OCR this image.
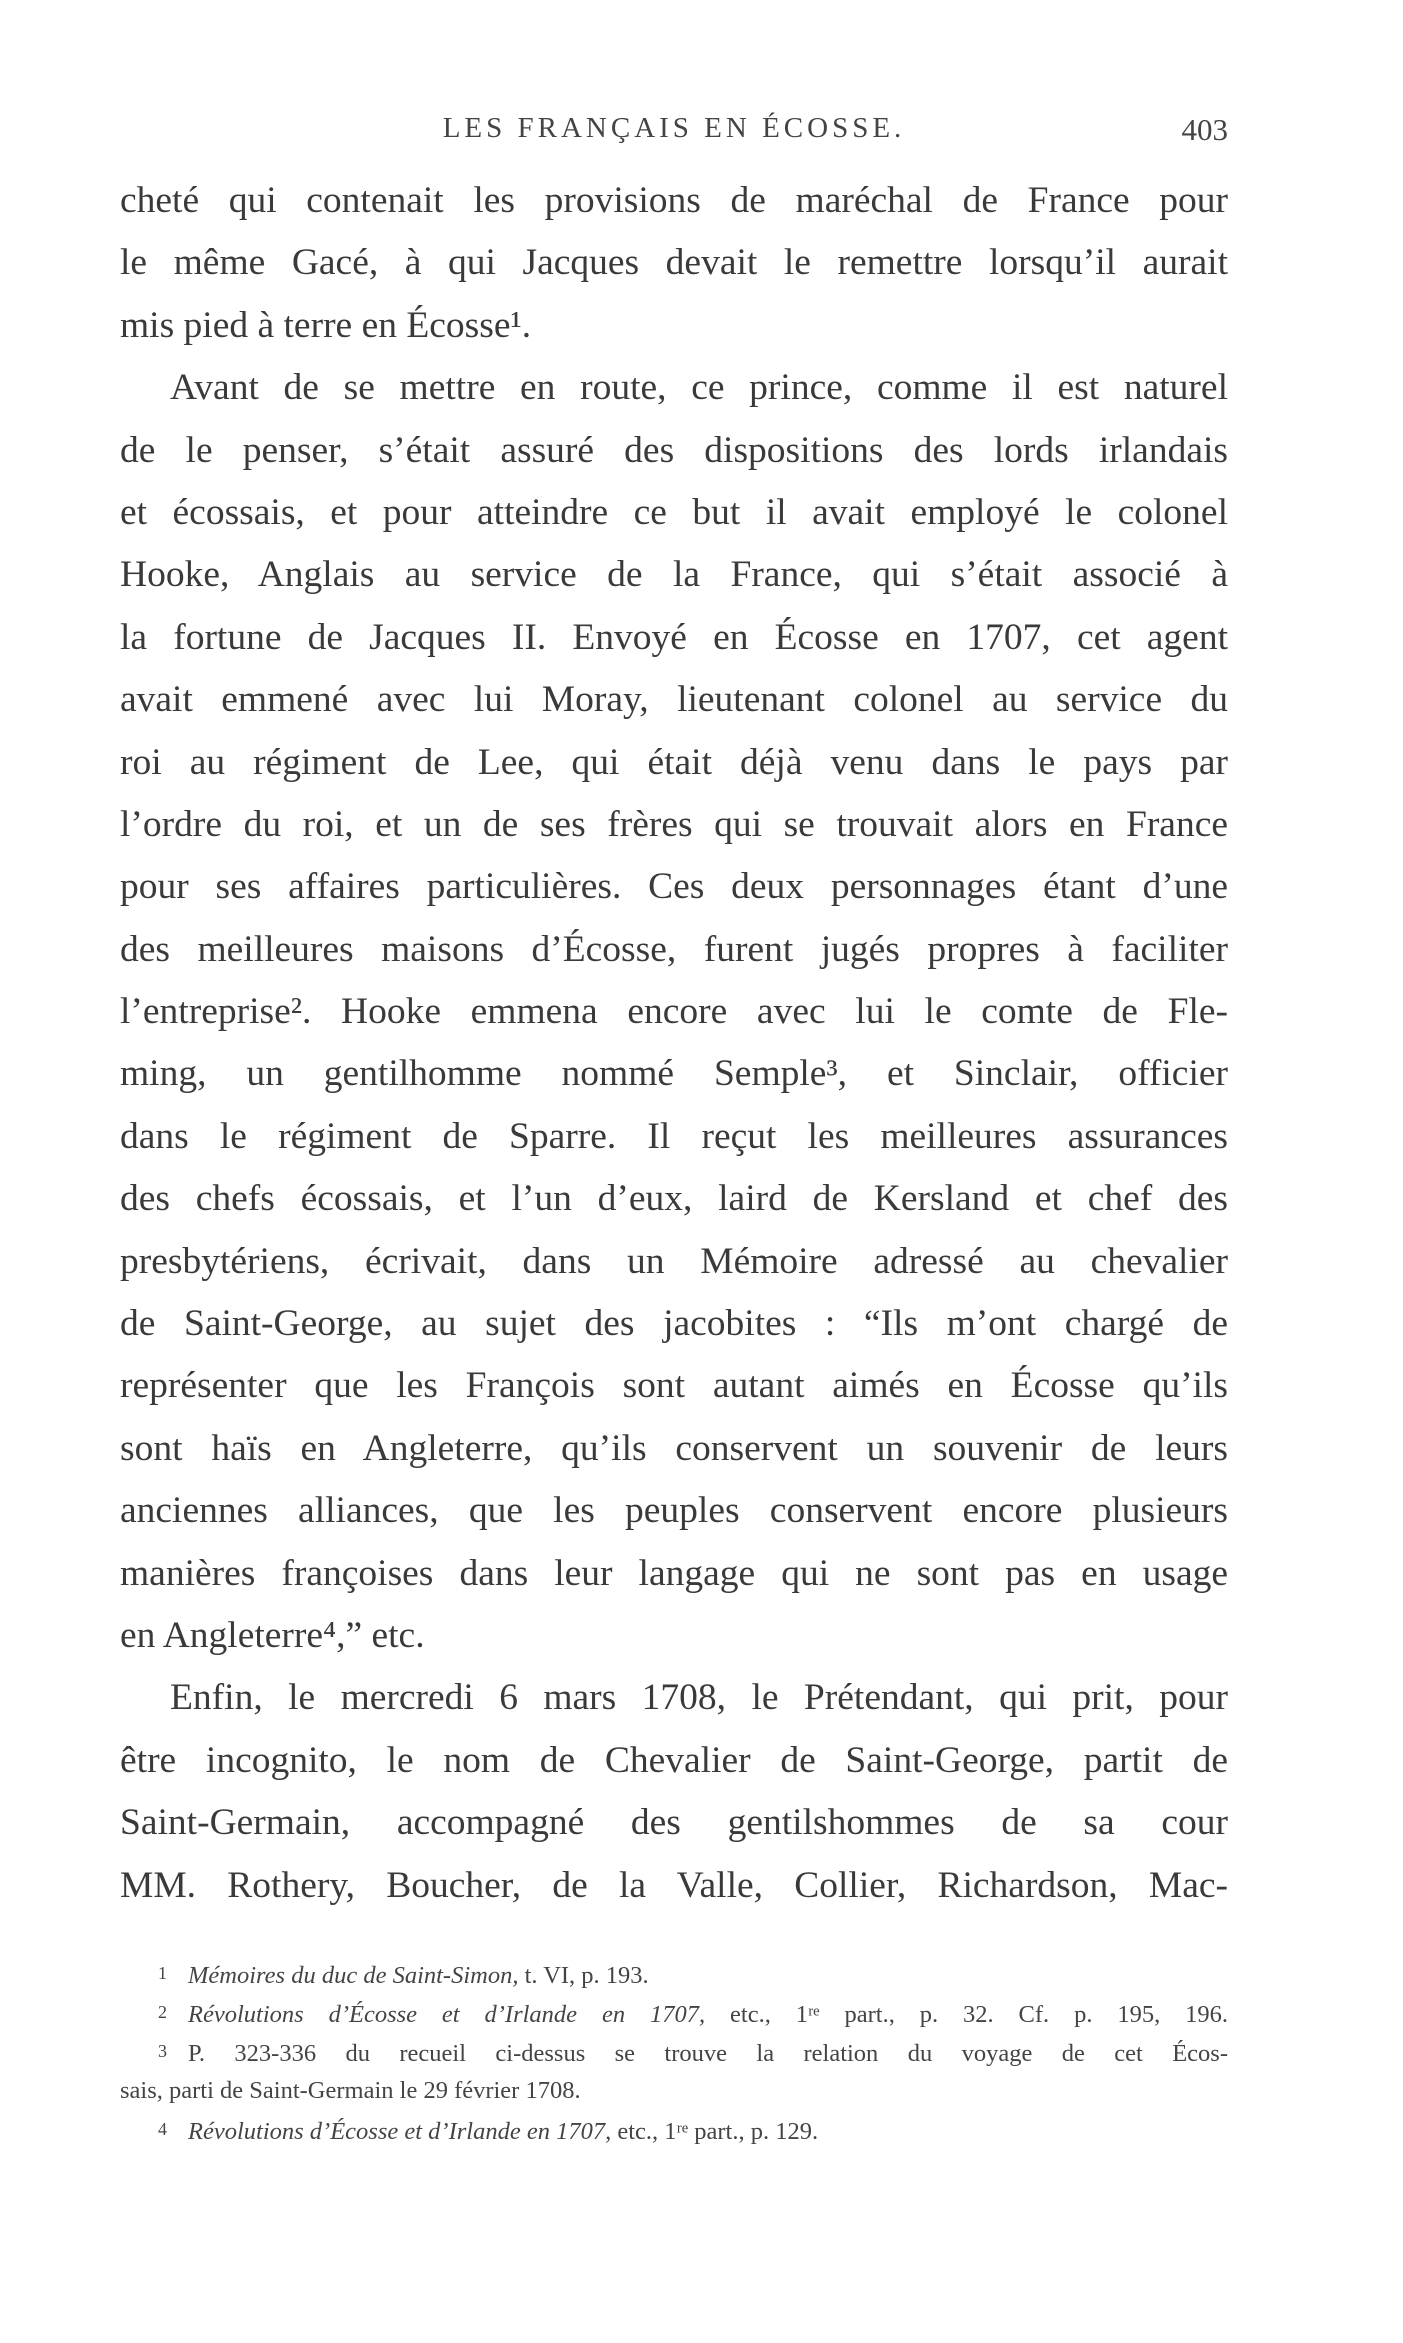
LES FRANÇAIS EN ÉCOSSE.	403
cheté qui contenait les provisions de maréchal de France pour
le même Gacé, à qui Jacques devait le remettre lorsqu’il aurait
mis pied à terre en Écosse¹.
Avant de se mettre en route, ce prince, comme il est naturel
de le penser, s’était assuré des dispositions des lords irlandais
et écossais, et pour atteindre ce but il avait employé le colonel
Hooke, Anglais au service de la France, qui s’était associé à
la fortune de Jacques II. Envoyé en Écosse en 1707, cet agent
avait emmené avec lui Moray, lieutenant colonel au service du
roi au régiment de Lee, qui était déjà venu dans le pays par
l’ordre du roi, et un de ses frères qui se trouvait alors en France
pour ses affaires particulières. Ces deux personnages étant d’une
des meilleures maisons d’Écosse, furent jugés propres à faciliter
l’entreprise². Hooke emmena encore avec lui le comte de Fle-
ming, un gentilhomme nommé Semple³, et Sinclair, officier
dans le régiment de Sparre. Il reçut les meilleures assurances
des chefs écossais, et l’un d’eux, laird de Kersland et chef des
presbytériens, écrivait, dans un Mémoire adressé au chevalier
de Saint-George, au sujet des jacobites : “Ils m’ont chargé de
représenter que les François sont autant aimés en Écosse qu’ils
sont haïs en Angleterre, qu’ils conservent un souvenir de leurs
anciennes alliances, que les peuples conservent encore plusieurs
manières françoises dans leur langage qui ne sont pas en usage
en Angleterre⁴,” etc.
Enfin, le mercredi 6 mars 1708, le Prétendant, qui prit, pour
être incognito, le nom de Chevalier de Saint-George, partit de
Saint-Germain, accompagné des gentilshommes de sa cour
MM. Rothery, Boucher, de la Valle, Collier, Richardson, Mac-
1 Mémoires du duc de Saint-Simon, t. VI, p. 193.
2 Révolutions d’Écosse et d’Irlande en 1707, etc., 1ʳᵉ part., p. 32. Cf. p. 195, 196.
3 P. 323-336 du recueil ci-dessus se trouve la relation du voyage de cet Écos-
sais, parti de Saint-Germain le 29 février 1708.
4 Révolutions d’Écosse et d’Irlande en 1707, etc., 1ʳᵉ part., p. 129.
